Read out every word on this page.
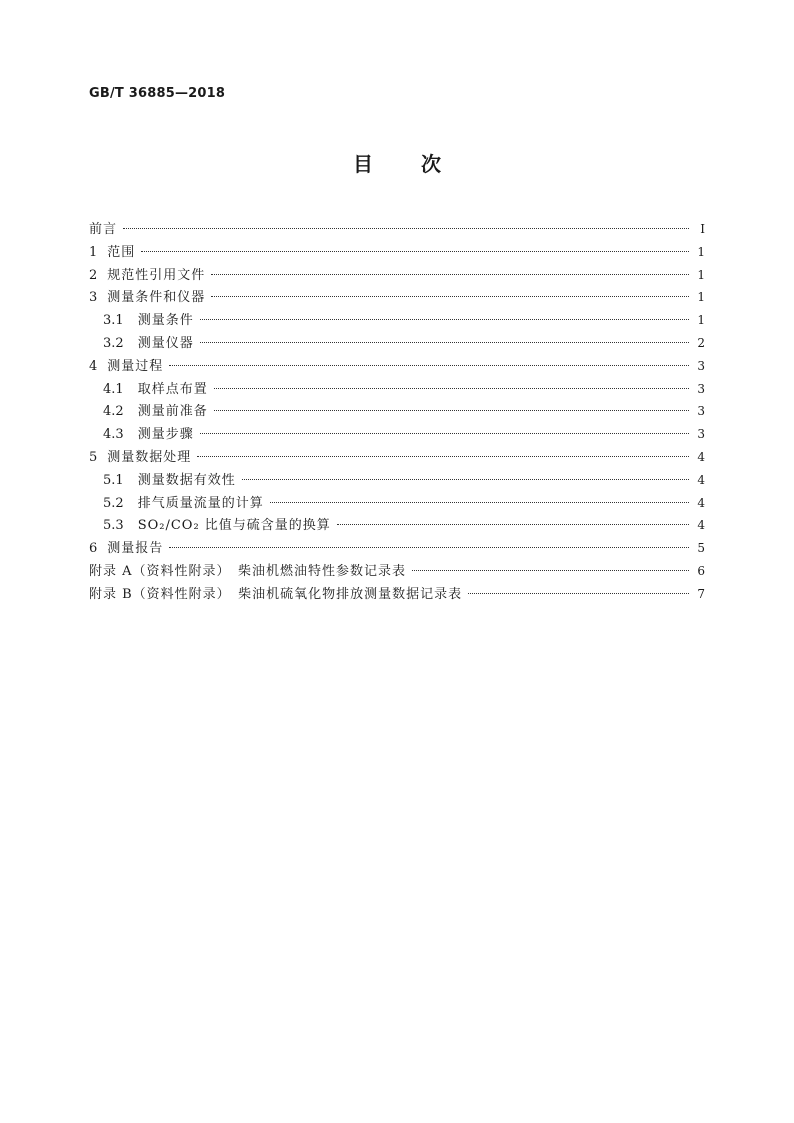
GB/T 36885—2018
目 次
前言	Ⅰ
1 范围	1
2 规范性引用文件	1
3 测量条件和仪器	1
3.1 测量条件	1
3.2 测量仪器	2
4 测量过程	3
4.1 取样点布置	3
4.2 测量前准备	3
4.3 测量步骤	3
5 测量数据处理	4
5.1 测量数据有效性	4
5.2 排气质量流量的计算	4
5.3 SO₂/CO₂ 比值与硫含量的换算	4
6 测量报告	5
附录 A（资料性附录）　柴油机燃油特性参数记录表	6
附录 B（资料性附录）　柴油机硫氧化物排放测量数据记录表	7
